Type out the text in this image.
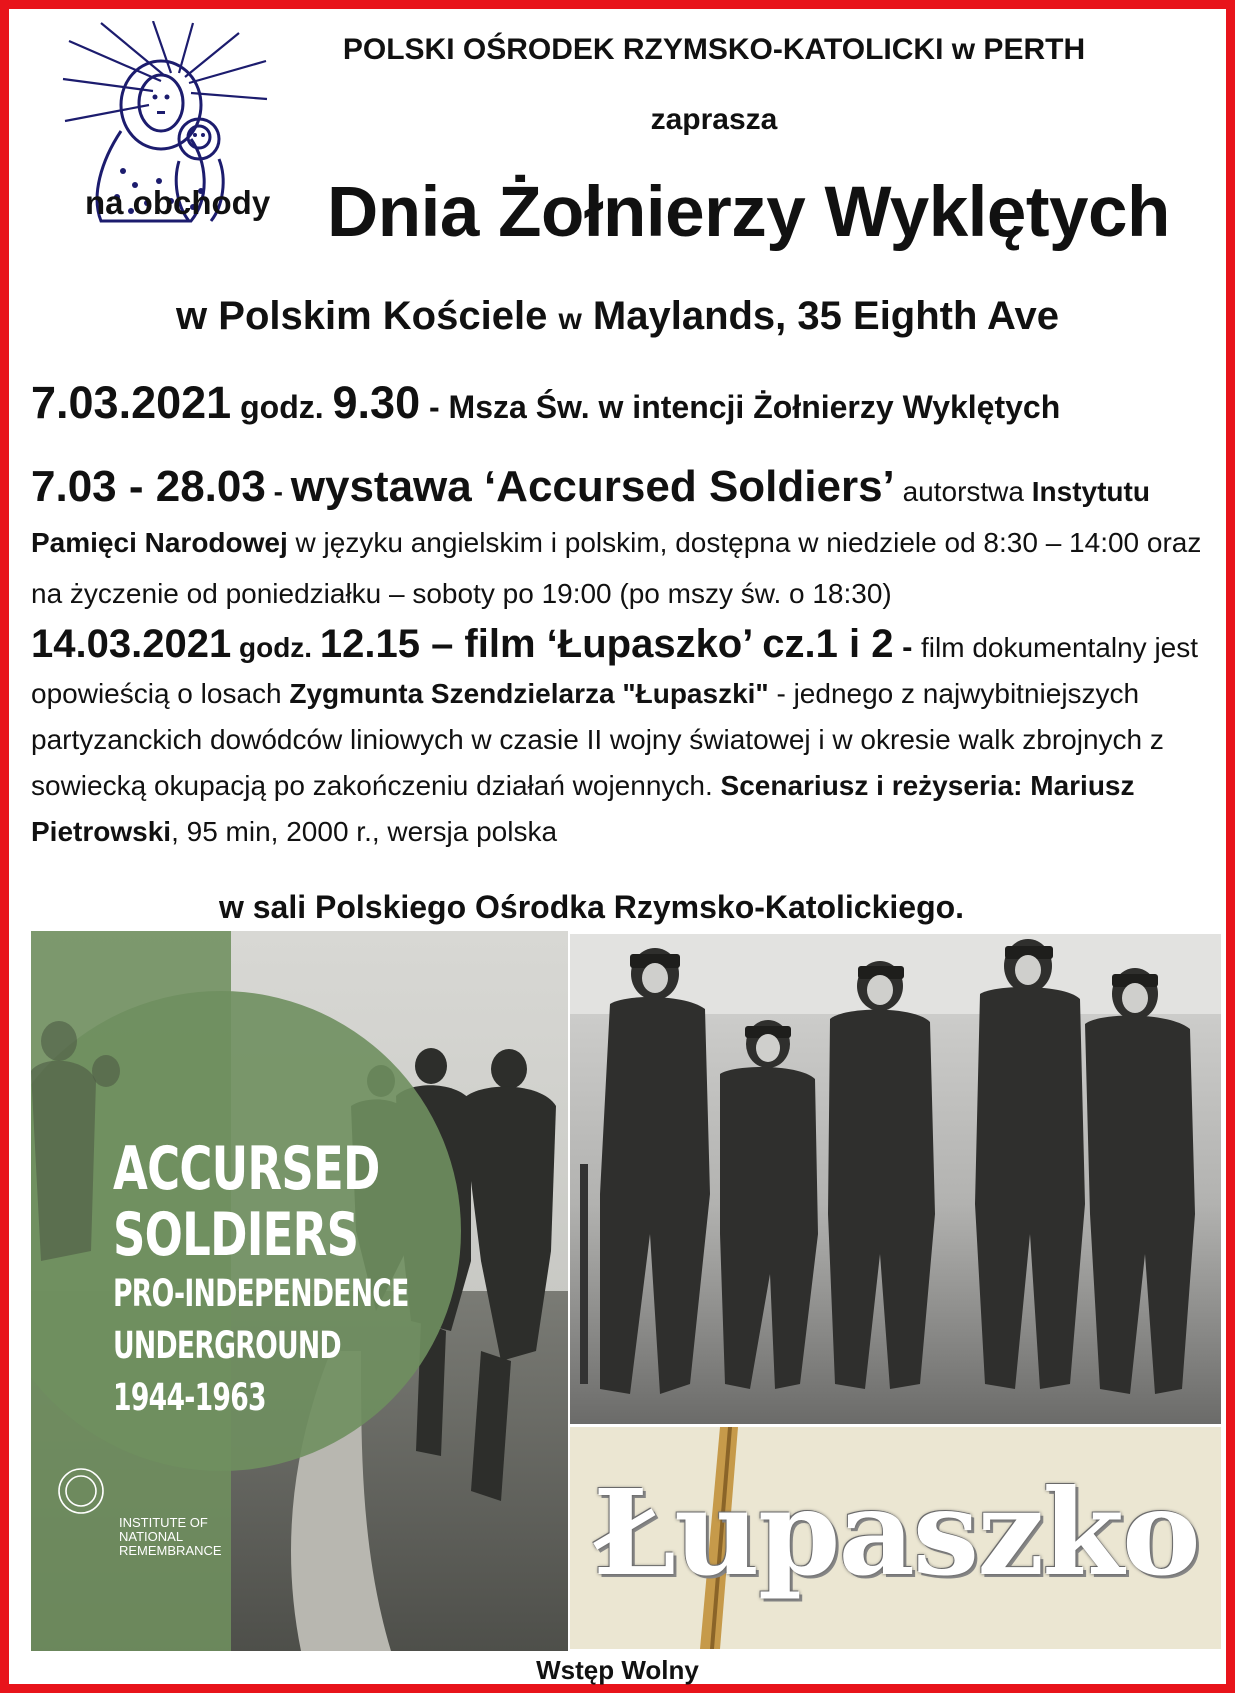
POLSKI OŚRODEK RZYMSKO-KATOLICKI w PERTH
zaprasza
na obchody Dnia Żołnierzy Wyklętych
w Polskim Kościele w Maylands, 35 Eighth Ave
7.03.2021 godz. 9.30 - Msza Św. w intencji Żołnierzy Wyklętych
7.03 - 28.03 - wystawa ‘Accursed Soldiers’ autorstwa Instytutu Pamięci Narodowej w języku angielskim i polskim, dostępna w niedziele od 8:30 – 14:00 oraz na życzenie od poniedziałku – soboty po 19:00 (po mszy św. o 18:30)
14.03.2021 godz. 12.15 – film ‘Łupaszko’ cz.1 i 2 - film dokumentalny jest opowieścią o losach Zygmunta Szendzielarza "Łupaszki" - jednego z najwybitniejszych partyzanckich dowódców liniowych w czasie II wojny światowej i w okresie walk zbrojnych z sowiecką okupacją po zakończeniu działań wojennych. Scenariusz i reżyseria: Mariusz Pietrowski, 95 min, 2000 r., wersja polska
w sali Polskiego Ośrodka Rzymsko-Katolickiego.
ACCURSED
SOLDIERS
PRO-INDEPENDENCE
UNDERGROUND
1944-1963
INSTITUTE OF NATIONAL REMEMBRANCE	Łupaszko
Wstęp Wolny
